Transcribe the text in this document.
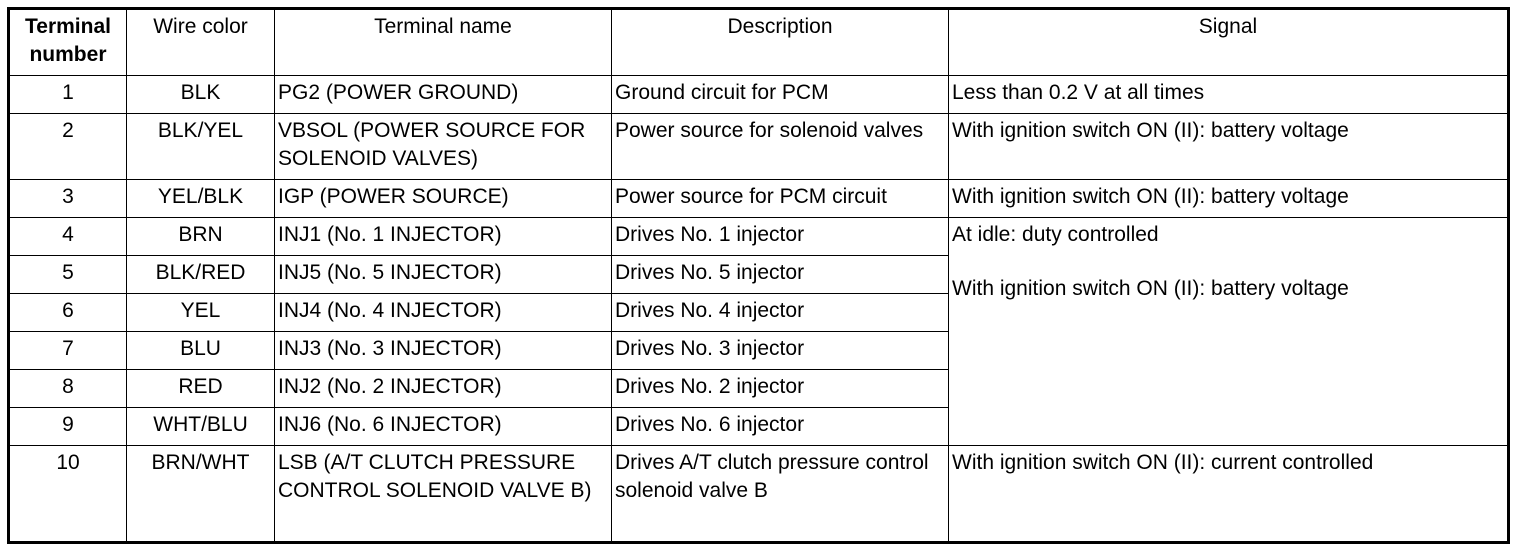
Terminal
number	Wire color	Terminal name	Description	Signal
1	BLK	PG2 (POWER GROUND)	Ground circuit for PCM	Less than 0.2 V at all times
2	BLK/YEL	VBSOL (POWER SOURCE FOR SOLENOID VALVES)	Power source for solenoid valves	With ignition switch ON (II): battery voltage
3	YEL/BLK	IGP (POWER SOURCE)	Power source for PCM circuit	With ignition switch ON (II): battery voltage
4	BRN	INJ1 (No. 1 INJECTOR)	Drives No. 1 injector	At idle: duty controlled
With ignition switch ON (II): battery voltage

5	BLK/RED	INJ5 (No. 5 INJECTOR)	Drives No. 5 injector	
6	YEL	INJ4 (No. 4 INJECTOR)	Drives No. 4 injector	
7	BLU	INJ3 (No. 3 INJECTOR)	Drives No. 3 injector	
8	RED	INJ2 (No. 2 INJECTOR)	Drives No. 2 injector	
9	WHT/BLU	INJ6 (No. 6 INJECTOR)	Drives No. 6 injector	
10	BRN/WHT	LSB (A/T CLUTCH PRESSURE CONTROL SOLENOID VALVE B)	Drives A/T clutch pressure control solenoid valve B	With ignition switch ON (II): current controlled
